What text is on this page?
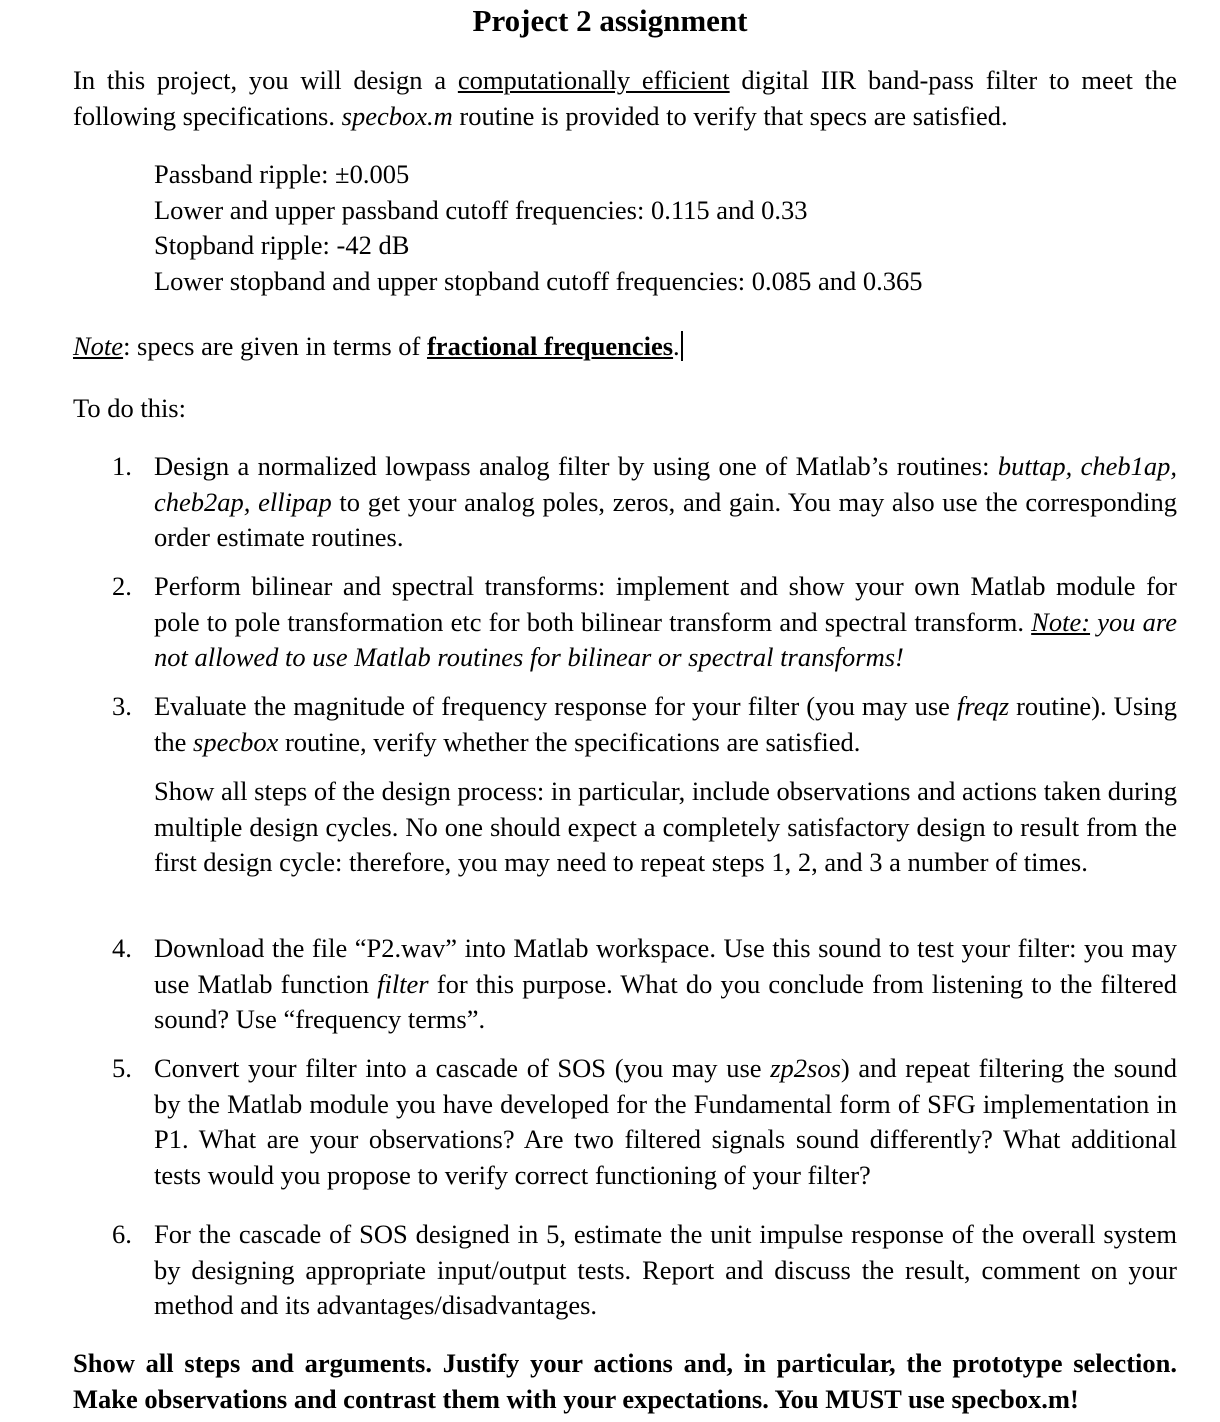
Project 2 assignment
In this project, you will design a computationally efficient digital IIR band-pass filter to meet the following specifications. specbox.m routine is provided to verify that specs are satisfied.
Passband ripple: ±0.005
Lower and upper passband cutoff frequencies: 0.115 and 0.33
Stopband ripple: -42 dB
Lower stopband and upper stopband cutoff frequencies: 0.085 and 0.365
Note: specs are given in terms of fractional frequencies.
To do this:
1. Design a normalized lowpass analog filter by using one of Matlab’s routines: buttap, cheb1ap, cheb2ap, ellipap to get your analog poles, zeros, and gain. You may also use the corresponding order estimate routines.
2. Perform bilinear and spectral transforms: implement and show your own Matlab module for pole to pole transformation etc for both bilinear transform and spectral transform. Note: you are not allowed to use Matlab routines for bilinear or spectral transforms!
3. Evaluate the magnitude of frequency response for your filter (you may use freqz routine). Using the specbox routine, verify whether the specifications are satisfied.
Show all steps of the design process: in particular, include observations and actions taken during multiple design cycles. No one should expect a completely satisfactory design to result from the first design cycle: therefore, you may need to repeat steps 1, 2, and 3 a number of times.
4. Download the file “P2.wav” into Matlab workspace. Use this sound to test your filter: you may use Matlab function filter for this purpose. What do you conclude from listening to the filtered sound? Use “frequency terms”.
5. Convert your filter into a cascade of SOS (you may use zp2sos) and repeat filtering the sound by the Matlab module you have developed for the Fundamental form of SFG implementation in P1. What are your observations? Are two filtered signals sound differently? What additional tests would you propose to verify correct functioning of your filter?
6. For the cascade of SOS designed in 5, estimate the unit impulse response of the overall system by designing appropriate input/output tests. Report and discuss the result, comment on your method and its advantages/disadvantages.
Show all steps and arguments. Justify your actions and, in particular, the prototype selection. Make observations and contrast them with your expectations. You MUST use specbox.m!
